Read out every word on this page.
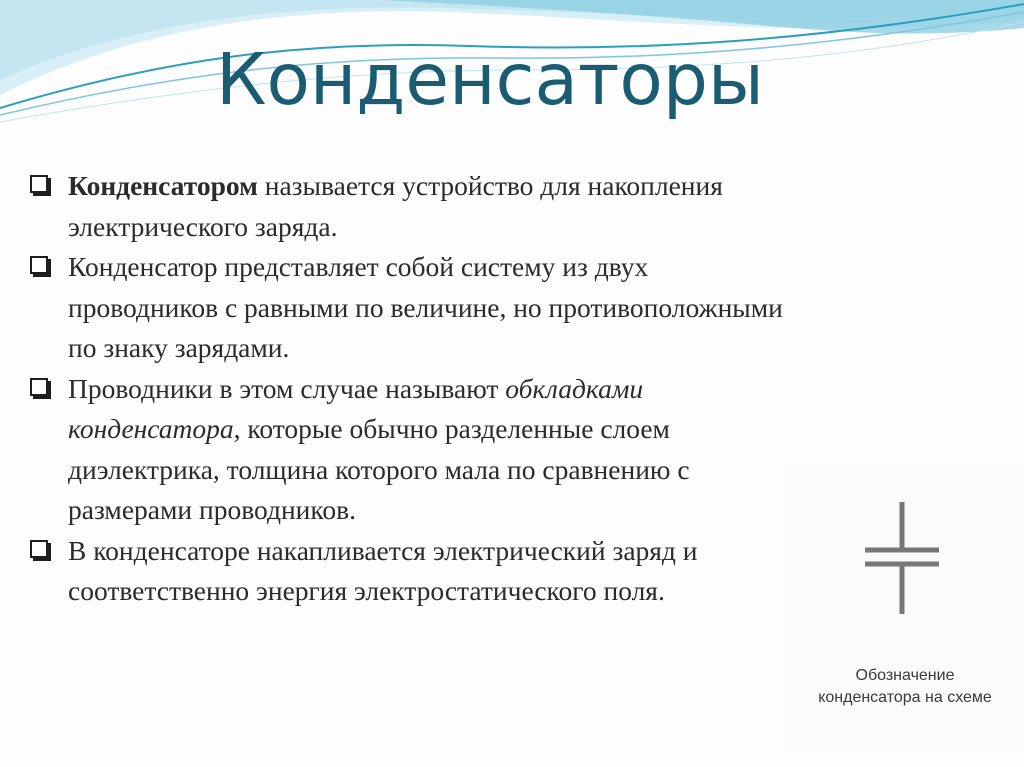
Конденсаторы
Конденсатором называется устройство для накопления электрического заряда.
Конденсатор представляет собой систему из двух проводников с равными по величине, но противоположными по знаку зарядами.
Проводники в этом случае называют обкладками конденсатора, которые обычно разделенные слоем диэлектрика, толщина которого мала по сравнению с размерами проводников.
В конденсаторе накапливается электрический заряд и соответственно энергия электростатического поля.
Обозначение
конденсатора на схеме
